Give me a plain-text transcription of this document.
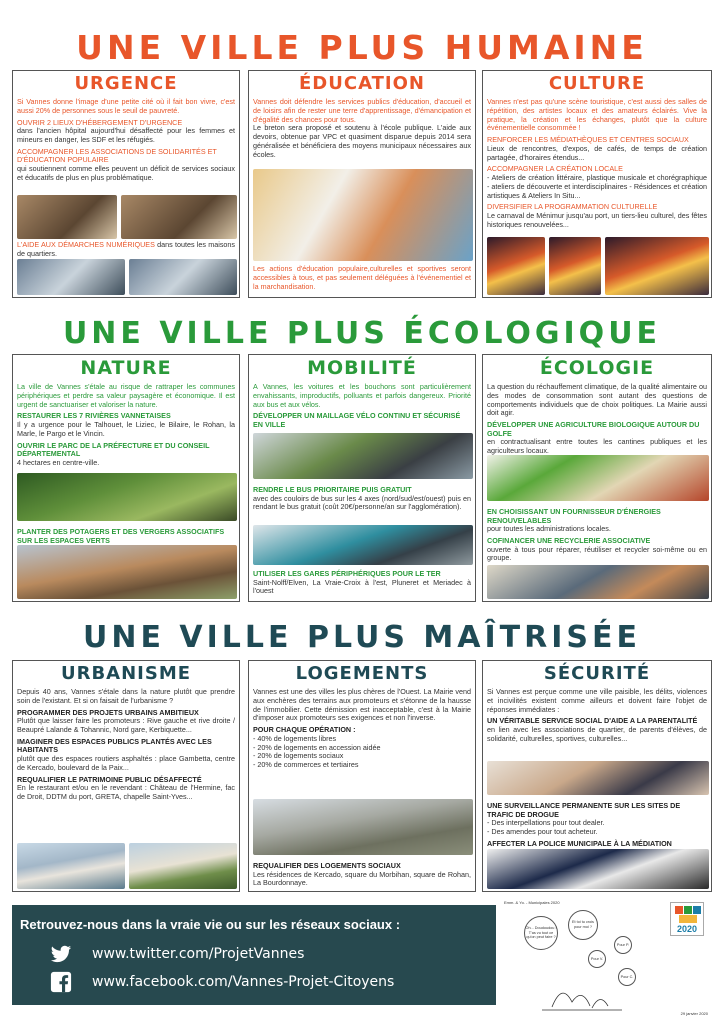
UNE VILLE PLUS HUMAINE
UNE VILLE PLUS ÉCOLOGIQUE
UNE VILLE PLUS MAÎTRISÉE
URGENCE
Si Vannes donne l'image d'une petite cité où il fait bon vivre, c'est aussi 20% de personnes sous le seuil de pauvreté.
OUVRIR 2 LIEUX D'HÉBERGEMENT D'URGENCE
dans l'ancien hôpital aujourd'hui désaffecté pour les femmes et mineurs en danger, les SDF et les réfugiés.
ACCOMPAGNER LES ASSOCIATIONS DE SOLIDARITÉS ET D'ÉDUCATION POPULAIRE
qui soutiennent comme elles peuvent un déficit de services sociaux et éducatifs de plus en plus problématique.
L'AIDE AUX DÉMARCHES NUMÉRIQUES dans toutes les maisons de quartiers.
ÉDUCATION
Vannes doit défendre les services publics d'éducation, d'accueil et de loisirs afin de rester une terre d'apprentissage, d'émancipation et d'égalité des chances pour tous.
Le breton sera proposé et soutenu à l'école publique. L'aide aux devoirs, obtenue par VPC et quasiment disparue depuis 2014 sera généralisée et bénéficiera des moyens municipaux nécessaires aux écoles.
Les actions d'éducation populaire,culturelles et sportives seront accessibles à tous, et pas seulement déléguées à l'événementiel et la marchandisation.
CULTURE
Vannes n'est pas qu'une scène touristique, c'est aussi des salles de répétition, des artistes locaux et des amateurs éclairés. Vive la pratique, la création et les échanges, plutôt que la culture événementielle consommée !
RENFORCER LES MÉDIATHÈQUES ET CENTRES SOCIAUX
Lieux de rencontres, d'expos, de cafés, de temps de création partagée, d'horaires étendus...
ACCOMPAGNER LA CRÉATION LOCALE
- Ateliers de création littéraire, plastique musicale et chorégraphique - ateliers de découverte et interdisciplinaires - Résidences et création artistiques & Ateliers In Situ...
DIVERSIFIER LA PROGRAMMATION CULTURELLE
Le carnaval de Ménimur jusqu'au port, un tiers-lieu culturel, des fêtes historiques renouvelées...
NATURE
La ville de Vannes s'étale au risque de rattraper les communes périphériques et perdre sa valeur paysagère et économique. Il est urgent de sanctuariser et valoriser la nature.
RESTAURER LES 7 RIVIÈRES VANNETAISES
Il y a urgence pour le Talhouet, le Liziec, le Bilaire, le Rohan, la Marle, le Pargo et le Vincin.
OUVRIR LE PARC DE LA PRÉFECTURE ET DU CONSEIL DÉPARTEMENTAL
4 hectares en centre-ville.
PLANTER DES POTAGERS ET DES VERGERS ASSOCIATIFS SUR LES ESPACES VERTS
MOBILITÉ
A Vannes, les voitures et les bouchons sont particulièrement envahissants, improductifs, polluants et parfois dangereux. Priorité aux bus et aux vélos.
DÉVELOPPER UN MAILLAGE VÉLO CONTINU ET SÉCURISÉ EN VILLE
RENDRE LE BUS PRIORITAIRE PUIS GRATUIT
avec des couloirs de bus sur les 4 axes (nord/sud/est/ouest) puis en rendant le bus gratuit (coût 20€/personne/an sur l'agglomération).
UTILISER LES GARES PÉRIPHÉRIQUES POUR LE TER
Saint-Nolff/Elven, La Vraie-Croix à l'est, Pluneret et Meriadec à l'ouest
ÉCOLOGIE
La question du réchauffement climatique, de la qualité alimentaire ou des modes de consommation sont autant des questions de comportements individuels que de choix politiques. La Mairie aussi doit agir.
DÉVELOPPER UNE AGRICULTURE BIOLOGIQUE AUTOUR DU GOLFE
en contractualisant entre toutes les cantines publiques et les agriculteurs locaux.
EN CHOISISSANT UN FOURNISSEUR D'ÉNERGIES RENOUVELABLES
pour toutes les administrations locales.
COFINANCER UNE RECYCLERIE ASSOCIATIVE
ouverte à tous pour réparer, réutiliser et recycler soi-même ou en groupe.
URBANISME
Depuis 40 ans, Vannes s'étale dans la nature plutôt que prendre soin de l'existant. Et si on faisait de l'urbanisme ?
PROGRAMMER DES PROJETS URBAINS AMBITIEUX
Plutôt que laisser faire les promoteurs : Rive gauche et rive droite / Beaupré Lalande & Tohannic, Nord gare, Kerbiquette...
IMAGINER DES ESPACES PUBLICS PLANTÉS AVEC LES HABITANTS
plutôt que des espaces routiers asphaltés : place Gambetta, centre de Kercado, boulevard de la Paix...
REQUALIFIER LE PATRIMOINE PUBLIC DÉSAFFECTÉ
En le restaurant et/ou en le revendant : Château de l'Hermine, fac de Droit, DDTM du port, GRETA, chapelle Saint-Yves...
LOGEMENTS
Vannes est une des villes les plus chères de l'Ouest. La Mairie vend aux enchères des terrains aux promoteurs et s'étonne de la hausse de l'immobilier. Cette démission est inacceptable, c'est à la Mairie d'imposer aux promoteurs ses exigences et non l'inverse.
POUR CHAQUE OPÉRATION :
- 40% de logements libres
- 20% de logements en accession aidée
- 20% de logements sociaux
- 20% de commerces et tertiaires
REQUALIFIER DES LOGEMENTS SOCIAUX
Les résidences de Kercado, square du Morbihan, square de Rohan, La Bourdonnaye.
SÉCURITÉ
Si Vannes est perçue comme une ville paisible, les délits, violences et incivilités existent comme ailleurs et doivent faire l'objet de réponses immédiates :
UN VÉRITABLE SERVICE SOCIAL D'AIDE A LA PARENTALITÉ
en lien avec les associations de quartier, de parents d'élèves, de solidarité, culturelles, sportives, culturelles...
UNE SURVEILLANCE PERMANENTE SUR LES SITES DE TRAFIC DE DROGUE
- Des interpellations pour tout dealer.
- Des amendes pour tout acheteur.
AFFECTER LA POLICE MUNICIPALE À LA MÉDIATION
Retrouvez-nous dans la vraie vie ou sur les réseaux sociaux :
www.twitter.com/ProjetVannes
www.facebook.com/Vannes-Projet-Citoyens
Emm. & Yo. - Municipales 2020
Oh... Doudoudou ! T'as vu tout ce qu'on peut faire ?
Et toi tu crois pour moi ?
Pour P.
Pour V.
Pour C.
29 janvier 2020
2020
